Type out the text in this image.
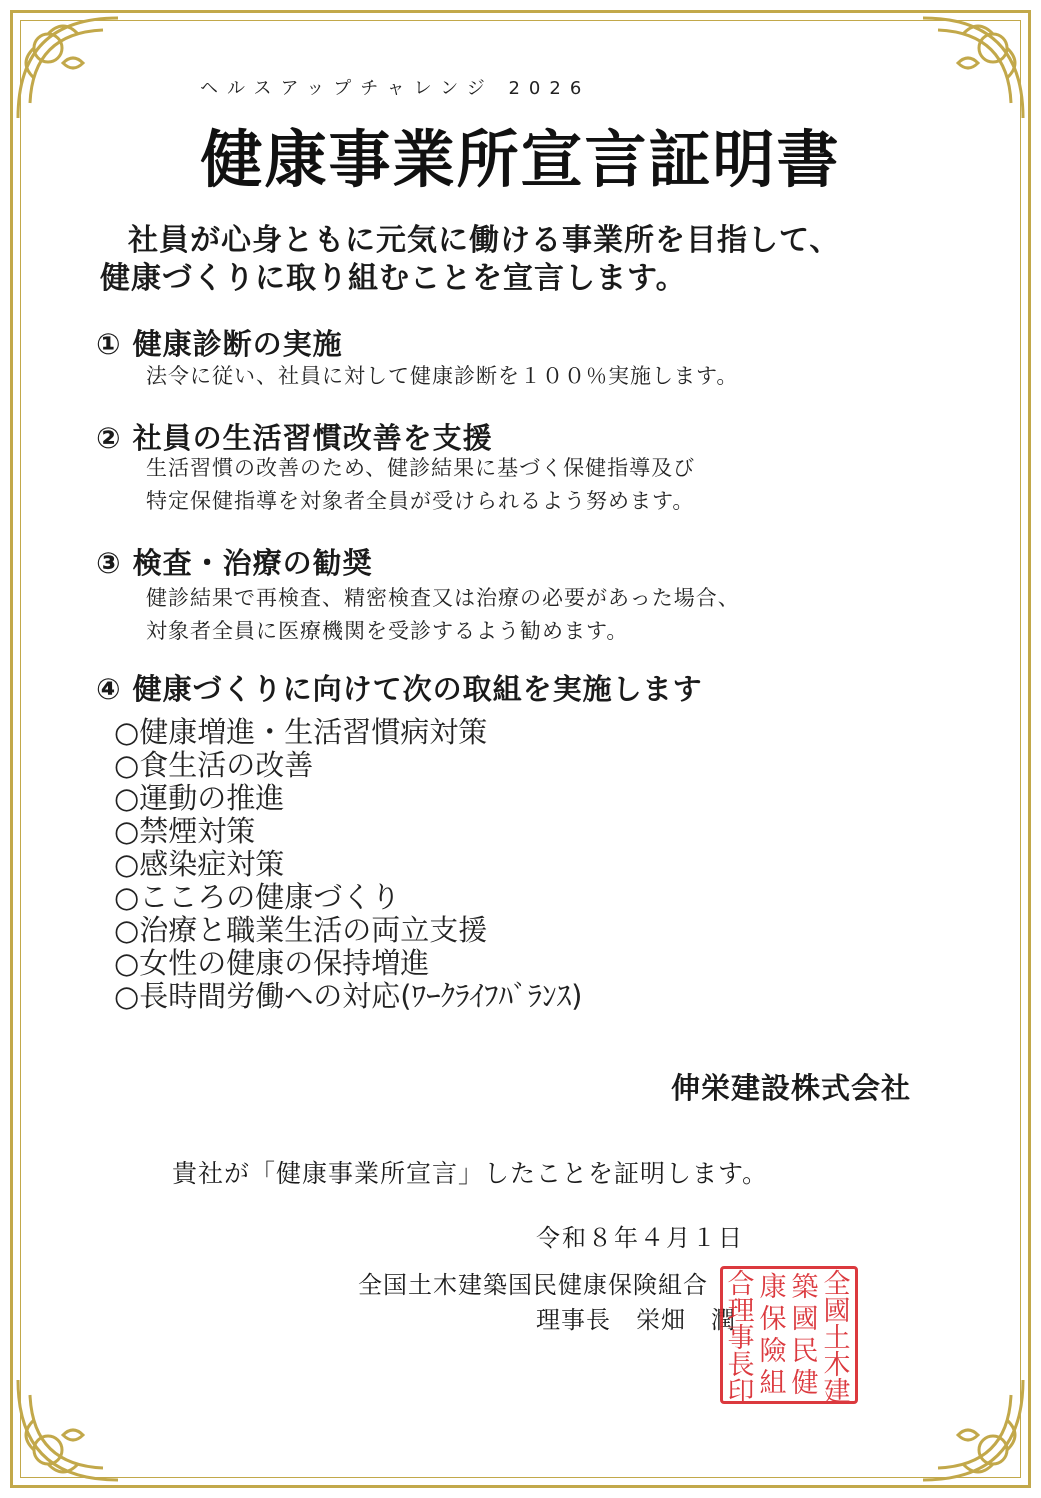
ヘルスアップチャレンジ 2026
健康事業所宣言証明書
社員が心身ともに元気に働ける事業所を目指して、
健康づくりに取り組むことを宣言します。
① 健康診断の実施
法令に従い、社員に対して健康診断を１００％実施します。
② 社員の生活習慣改善を支援
生活習慣の改善のため、健診結果に基づく保健指導及び
特定保健指導を対象者全員が受けられるよう努めます。
③ 検査・治療の勧奨
健診結果で再検査、精密検査又は治療の必要があった場合、
対象者全員に医療機関を受診するよう勧めます。
④ 健康づくりに向けて次の取組を実施します
○健康増進・生活習慣病対策
○食生活の改善
○運動の推進
○禁煙対策
○感染症対策
○こころの健康づくり
○治療と職業生活の両立支援
○女性の健康の保持増進
○長時間労働への対応(ﾜｰｸﾗｲﾌﾊﾞﾗﾝｽ)
伸栄建設株式会社
貴社が「健康事業所宣言」したことを証明します。
令和８年４月１日
全国土木建築国民健康保険組合
理事長　栄畑　潤
全
國
土
木
建
築
國
民
健
康
保
險
組
合
理
事
長
印
